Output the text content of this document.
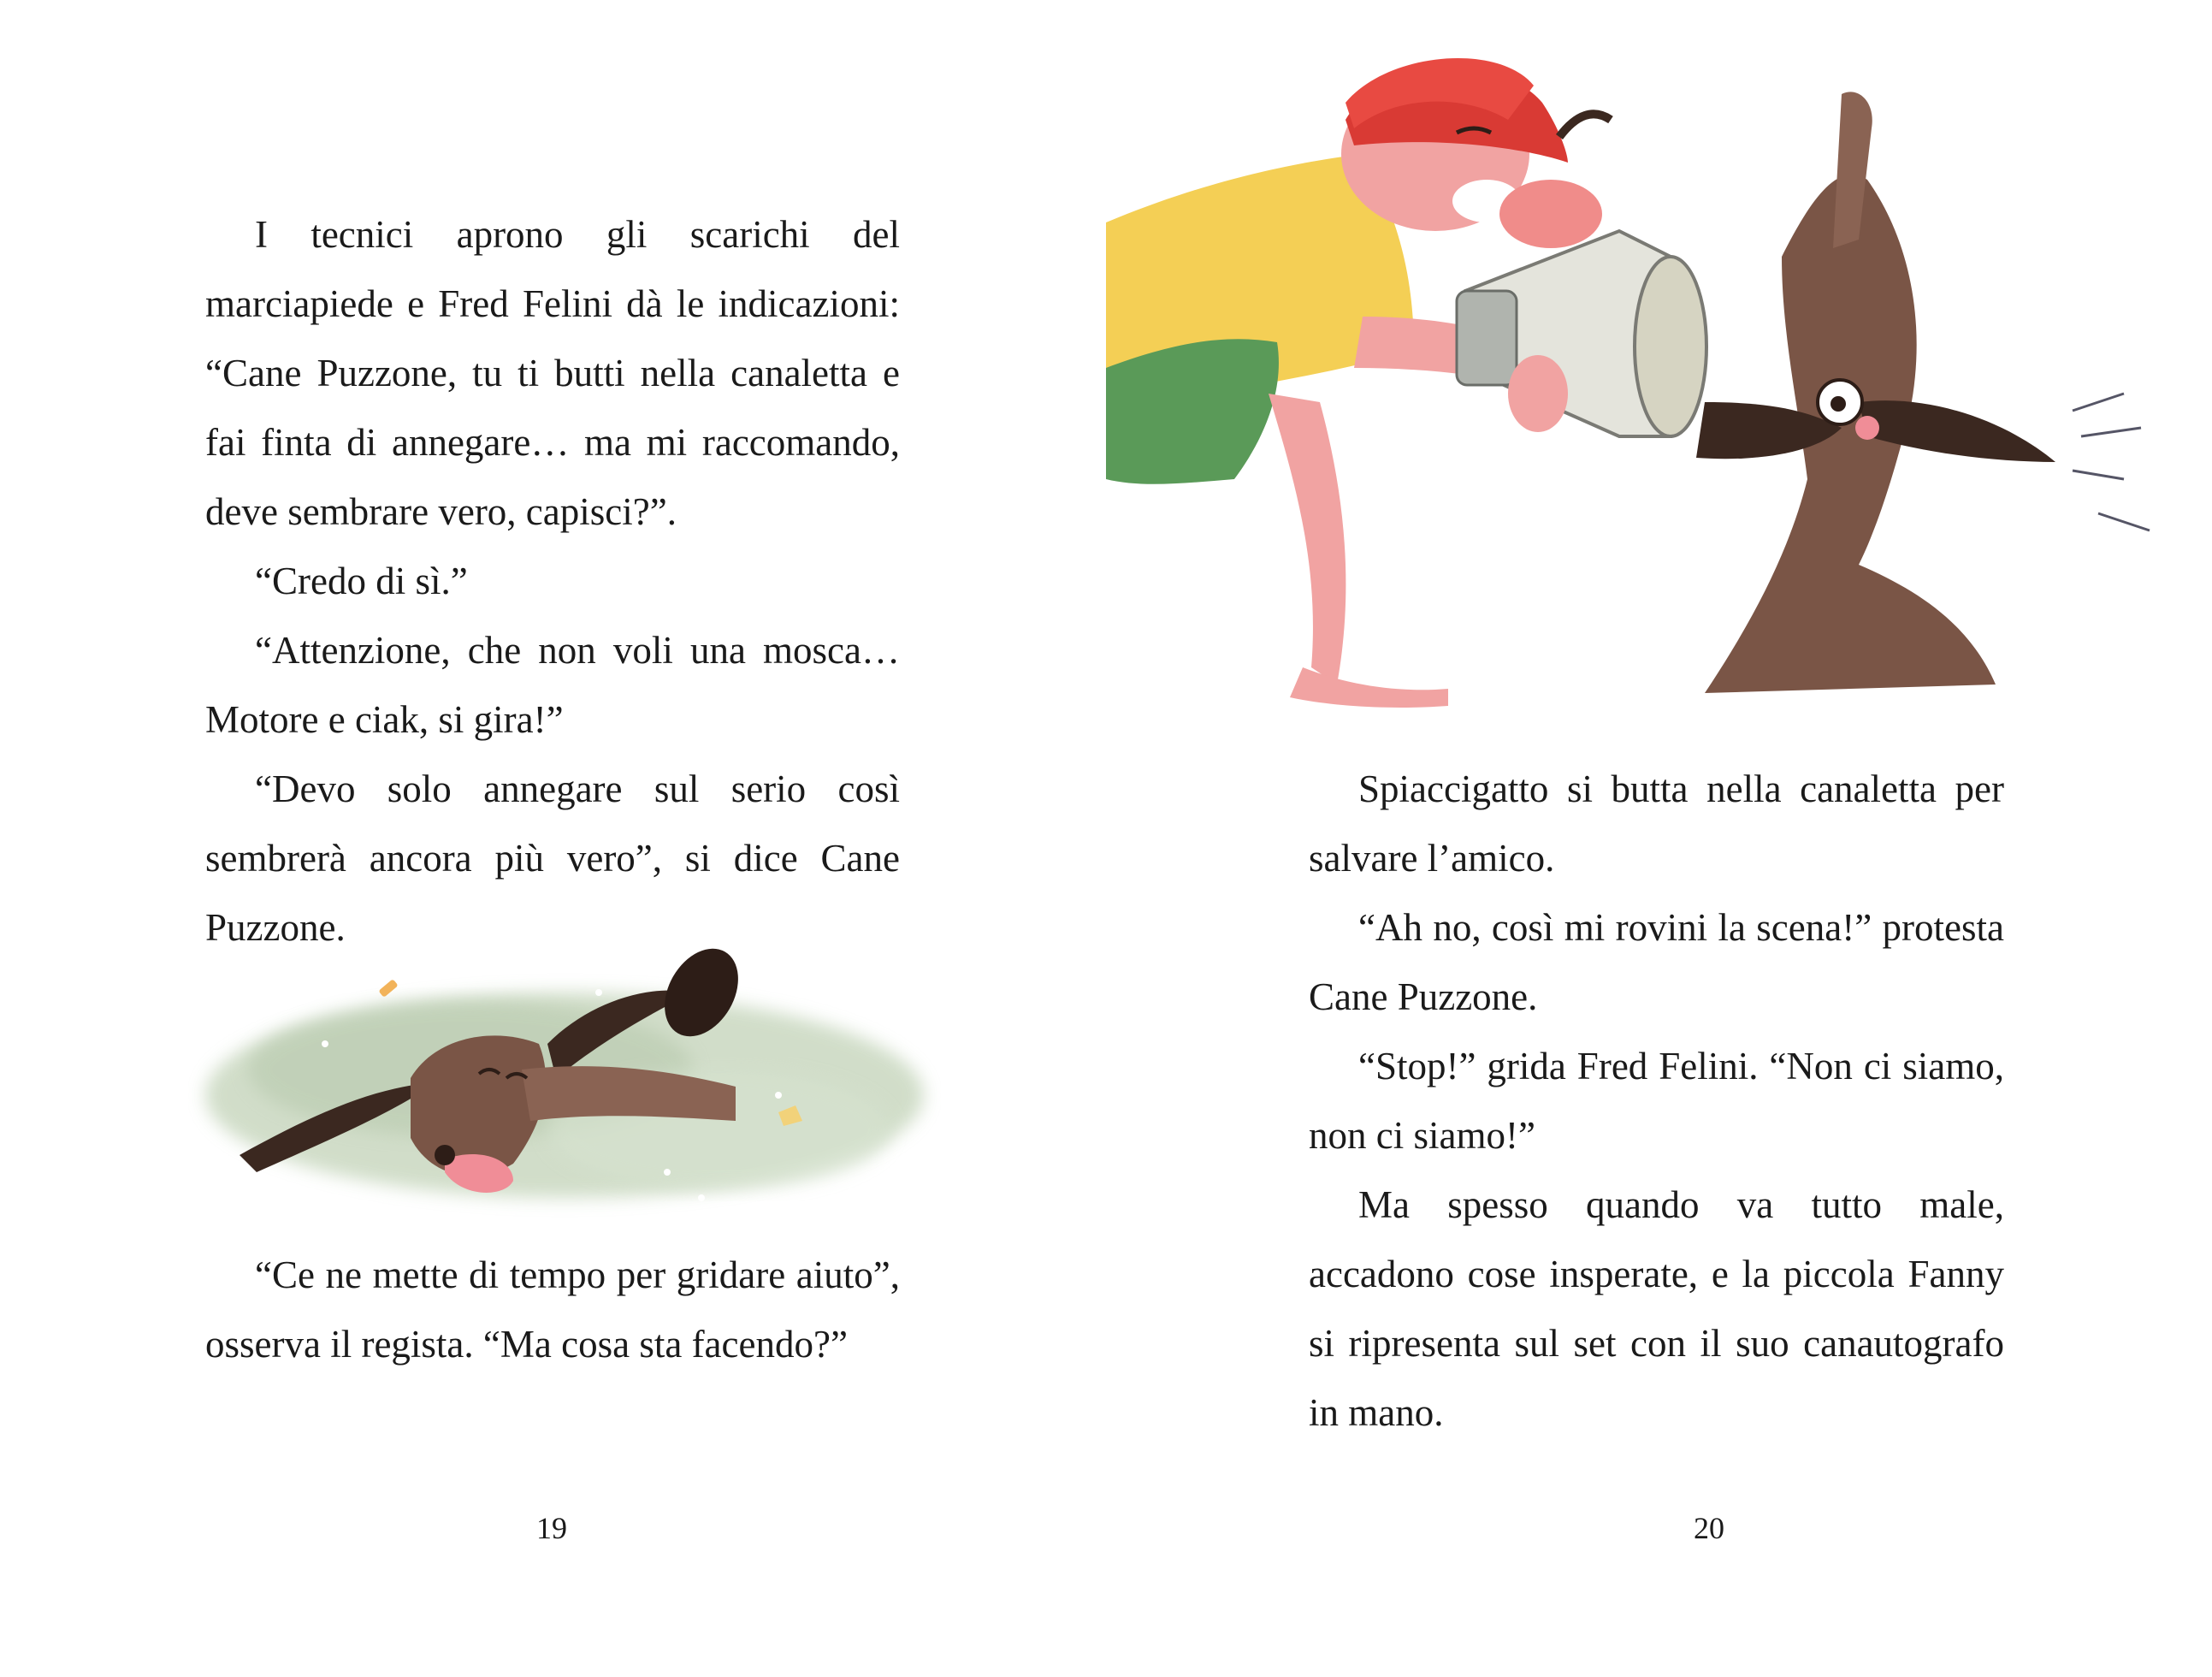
I tecnici aprono gli scarichi del marciapiede e Fred Felini dà le indicazioni: “Cane Puzzone, tu ti butti nella canaletta e fai finta di annegare… ma mi raccomando, deve sembrare vero, capisci?”.

“Credo di sì.”

“Attenzione, che non voli una mosca… Motore e ciak, si gira!”

“Devo solo annegare sul serio così sembrerà ancora più vero”, si dice Cane Puzzone.

“Ce ne mette di tempo per gridare aiuto”, osserva il regista. “Ma cosa sta facendo?”

19

Spiaccigatto si butta nella canaletta per salvare l’amico.

“Ah no, così mi rovini la scena!” protesta Cane Puzzone.

“Stop!” grida Fred Felini. “Non ci siamo, non ci siamo!”

Ma spesso quando va tutto male, accadono cose insperate, e la piccola Fanny si ripresenta sul set con il suo canautografo in mano.

20
